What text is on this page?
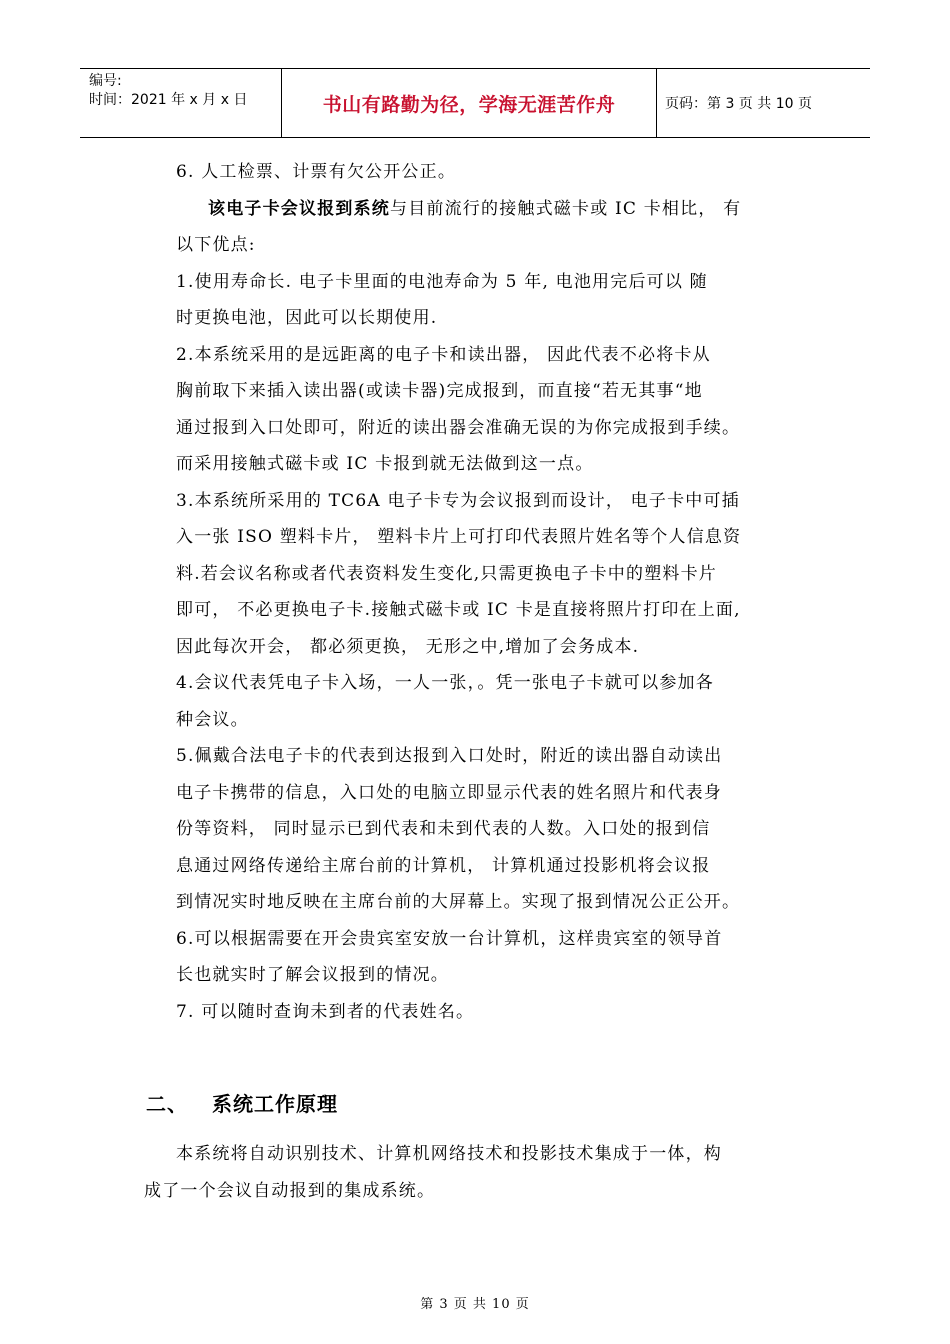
编号:
时间：2021 年 x 月 x 日	书山有路勤为径，学海无涯苦作舟	页码：第 3 页 共 10 页

6. 人工检票、计票有欠公开公正。

该电子卡会议报到系统与目前流行的接触式磁卡或 IC 卡相比， 有

以下优点:

1.使用寿命长. 电子卡里面的电池寿命为 5 年, 电池用完后可以 随

时更换电池，因此可以长期使用.

2.本系统采用的是远距离的电子卡和读出器， 因此代表不必将卡从

胸前取下来插入读出器(或读卡器)完成报到，而直接“若无其事“地

通过报到入口处即可，附近的读出器会准确无误的为你完成报到手续。

而采用接触式磁卡或 IC 卡报到就无法做到这一点。

3.本系统所采用的 TC6A 电子卡专为会议报到而设计， 电子卡中可插

入一张 ISO 塑料卡片， 塑料卡片上可打印代表照片姓名等个人信息资

料.若会议名称或者代表资料发生变化,只需更换电子卡中的塑料卡片

即可， 不必更换电子卡.接触式磁卡或 IC 卡是直接将照片打印在上面,

因此每次开会， 都必须更换， 无形之中,增加了会务成本.

4.会议代表凭电子卡入场，一人一张，。凭一张电子卡就可以参加各

种会议。

5.佩戴合法电子卡的代表到达报到入口处时，附近的读出器自动读出

电子卡携带的信息，入口处的电脑立即显示代表的姓名照片和代表身

份等资料， 同时显示已到代表和未到代表的人数。入口处的报到信

息通过网络传递给主席台前的计算机， 计算机通过投影机将会议报

到情况实时地反映在主席台前的大屏幕上。实现了报到情况公正公开。

6.可以根据需要在开会贵宾室安放一台计算机，这样贵宾室的领导首

长也就实时了解会议报到的情况。

7. 可以随时查询未到者的代表姓名。

二、 系统工作原理

本系统将自动识别技术、计算机网络技术和投影技术集成于一体，构

成了一个会议自动报到的集成系统。

第 3 页 共 10 页
